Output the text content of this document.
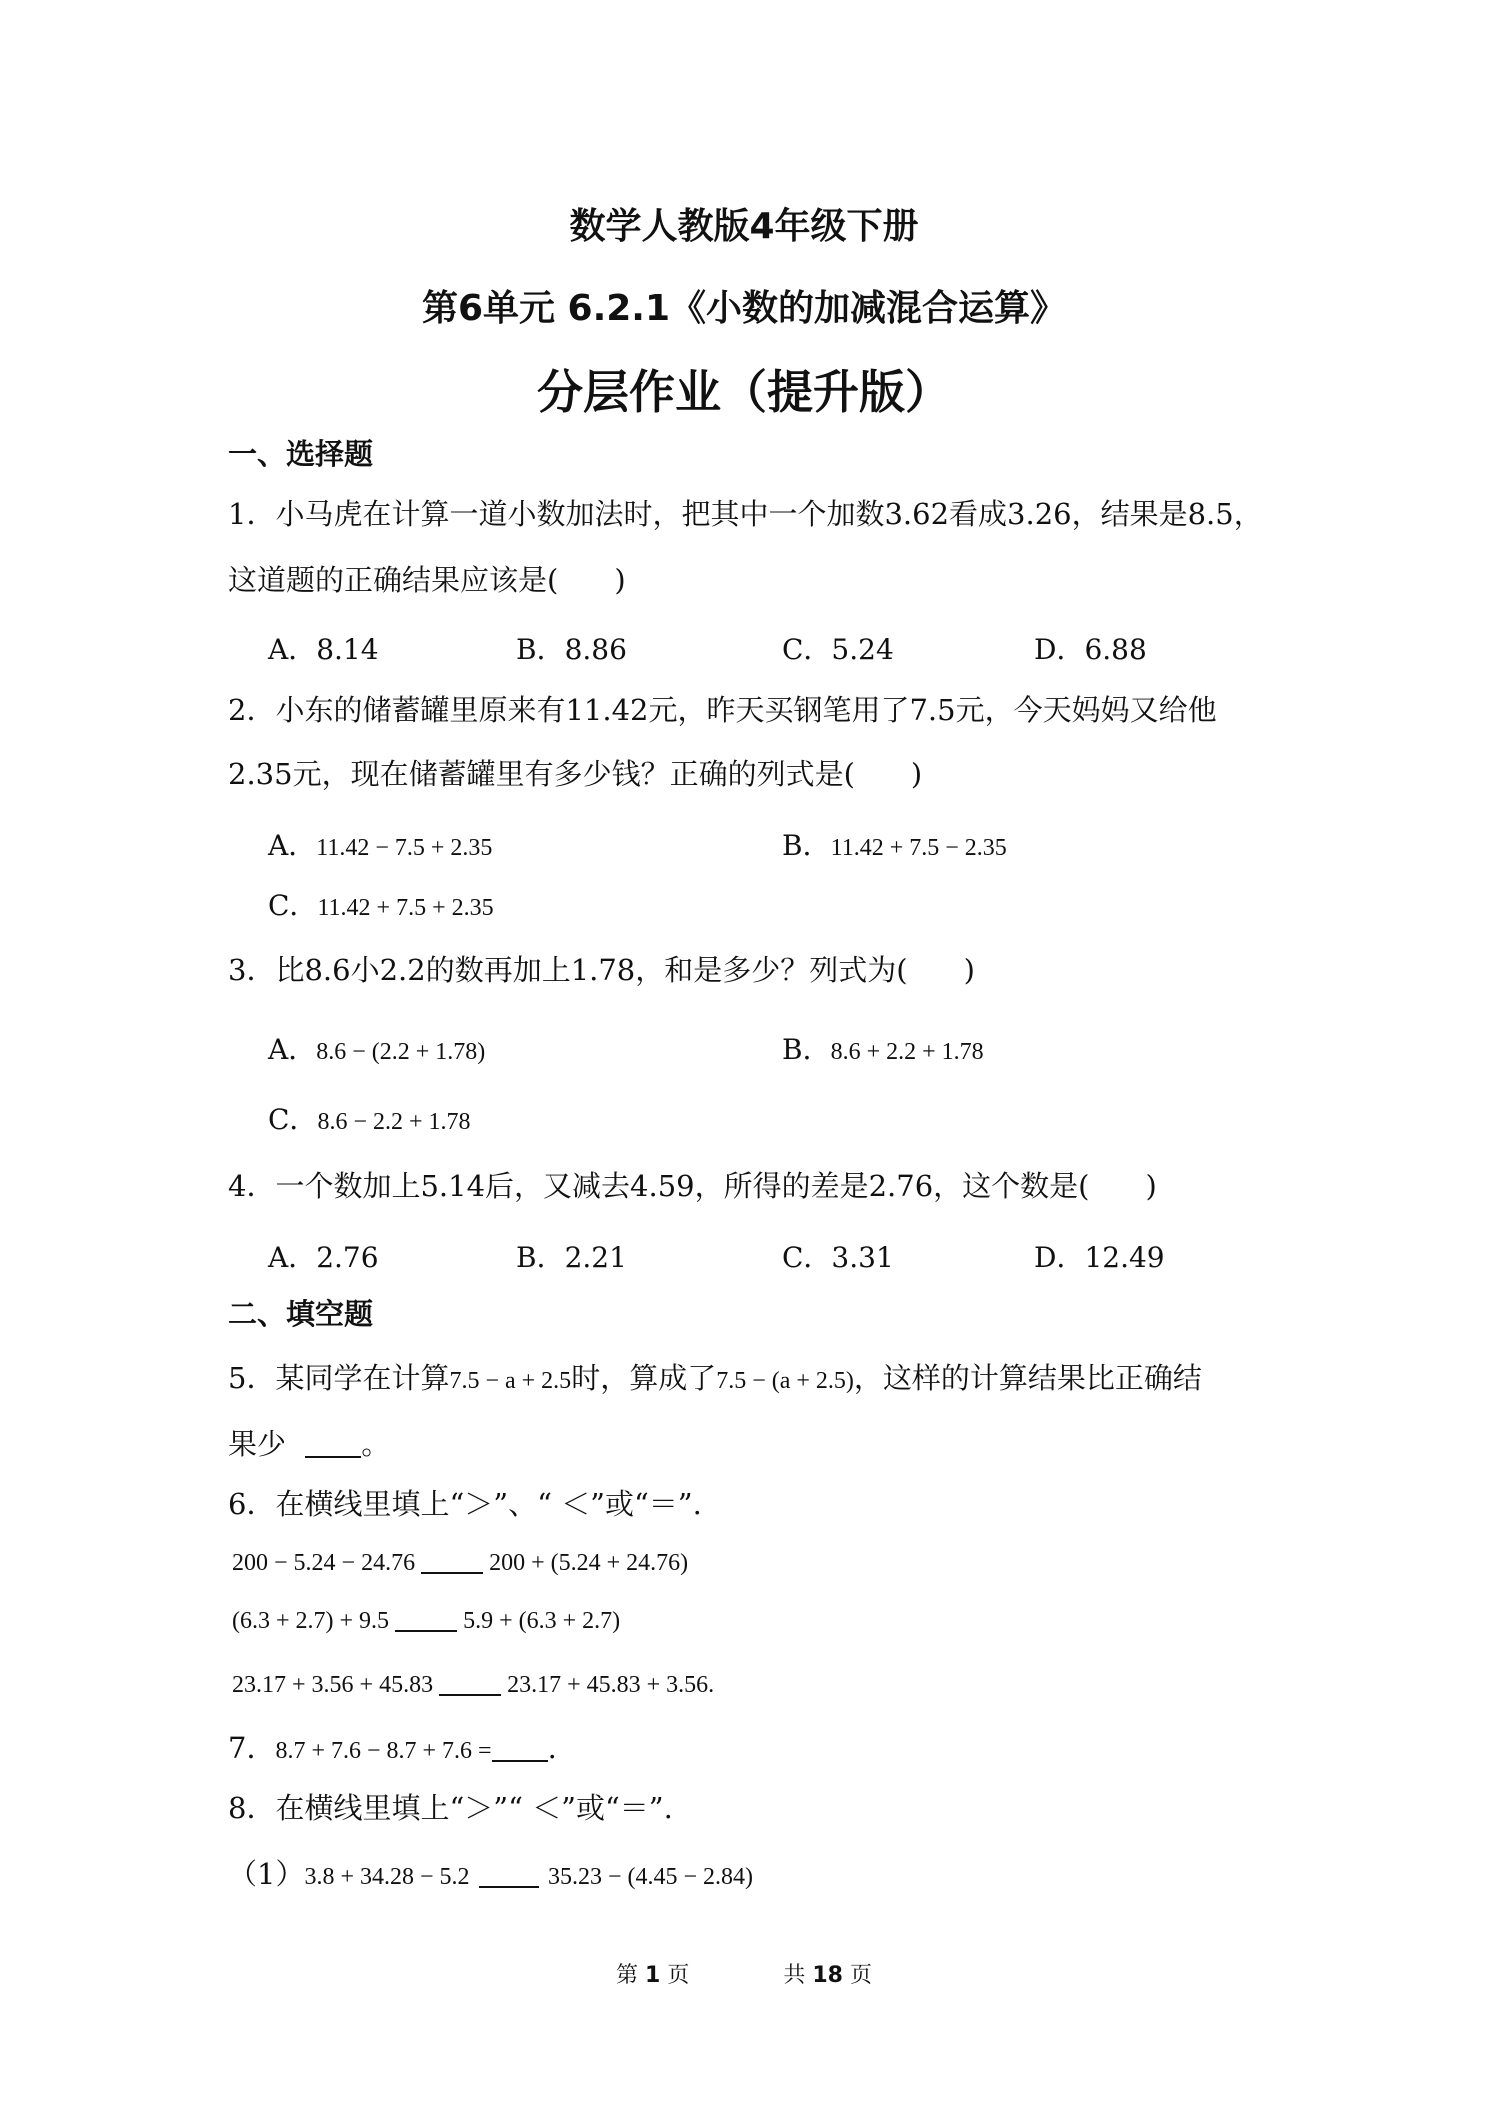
数学人教版4年级下册
第6单元 6.2.1《小数的加减混合运算》
分层作业（提升版）
一、选择题
1．小马虎在计算一道小数加法时，把其中一个加数3.62看成3.26，结果是8.5，
这道题的正确结果应该是( )
A．8.14	B．8.86	C．5.24	D．6.88
2．小东的储蓄罐里原来有11.42元，昨天买钢笔用了7.5元，今天妈妈又给他
2.35元，现在储蓄罐里有多少钱？正确的列式是( )
A．11.42 − 7.5 + 2.35	B．11.42 + 7.5 − 2.35
C．11.42 + 7.5 + 2.35
3．比8.6小2.2的数再加上1.78，和是多少？列式为( )
A．8.6 − (2.2 + 1.78)	B．8.6 + 2.2 + 1.78
C．8.6 − 2.2 + 1.78
4．一个数加上5.14后，又减去4.59，所得的差是2.76，这个数是( )
A．2.76	B．2.21	C．3.31	D．12.49
二、填空题
5．某同学在计算7.5 − a + 2.5时，算成了7.5 − (a + 2.5)，这样的计算结果比正确结
果少	。
6．在横线里填上“＞”、“ ＜”或“＝”.
200 − 5.24 − 24.76	200 + (5.24 + 24.76)
(6.3 + 2.7) + 9.5	5.9 + (6.3 + 2.7)
23.17 + 3.56 + 45.83	23.17 + 45.83 + 3.56.
7．8.7 + 7.6 − 8.7 + 7.6 = .
8．在横线里填上“＞”“ ＜”或“＝”.
（1）3.8 + 34.28 − 5.2	35.23 − (4.45 − 2.84)
第 1 页	共 18 页
